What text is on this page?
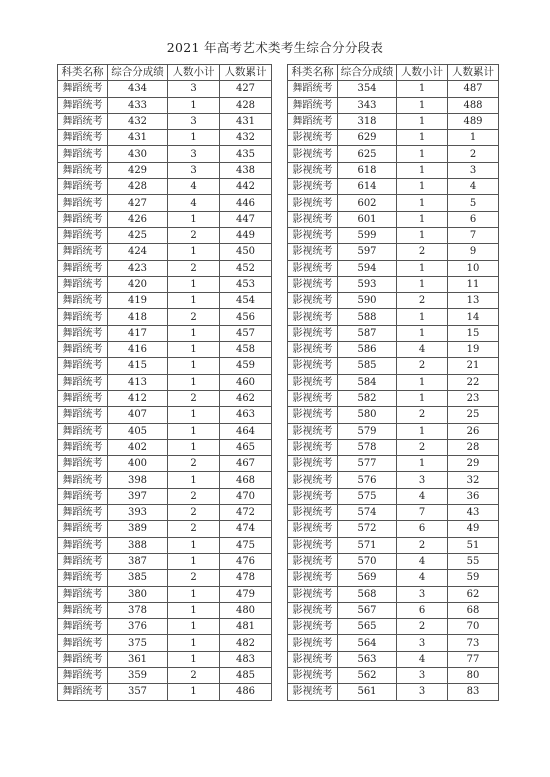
2021 年高考艺术类考生综合分分段表
科类名称	综合分成绩	人数小计	人数累计
舞蹈统考	434	3	427
舞蹈统考	433	1	428
舞蹈统考	432	3	431
舞蹈统考	431	1	432
舞蹈统考	430	3	435
舞蹈统考	429	3	438
舞蹈统考	428	4	442
舞蹈统考	427	4	446
舞蹈统考	426	1	447
舞蹈统考	425	2	449
舞蹈统考	424	1	450
舞蹈统考	423	2	452
舞蹈统考	420	1	453
舞蹈统考	419	1	454
舞蹈统考	418	2	456
舞蹈统考	417	1	457
舞蹈统考	416	1	458
舞蹈统考	415	1	459
舞蹈统考	413	1	460
舞蹈统考	412	2	462
舞蹈统考	407	1	463
舞蹈统考	405	1	464
舞蹈统考	402	1	465
舞蹈统考	400	2	467
舞蹈统考	398	1	468
舞蹈统考	397	2	470
舞蹈统考	393	2	472
舞蹈统考	389	2	474
舞蹈统考	388	1	475
舞蹈统考	387	1	476
舞蹈统考	385	2	478
舞蹈统考	380	1	479
舞蹈统考	378	1	480
舞蹈统考	376	1	481
舞蹈统考	375	1	482
舞蹈统考	361	1	483
舞蹈统考	359	2	485
舞蹈统考	357	1	486
科类名称	综合分成绩	人数小计	人数累计
舞蹈统考	354	1	487
舞蹈统考	343	1	488
舞蹈统考	318	1	489
影视统考	629	1	1
影视统考	625	1	2
影视统考	618	1	3
影视统考	614	1	4
影视统考	602	1	5
影视统考	601	1	6
影视统考	599	1	7
影视统考	597	2	9
影视统考	594	1	10
影视统考	593	1	11
影视统考	590	2	13
影视统考	588	1	14
影视统考	587	1	15
影视统考	586	4	19
影视统考	585	2	21
影视统考	584	1	22
影视统考	582	1	23
影视统考	580	2	25
影视统考	579	1	26
影视统考	578	2	28
影视统考	577	1	29
影视统考	576	3	32
影视统考	575	4	36
影视统考	574	7	43
影视统考	572	6	49
影视统考	571	2	51
影视统考	570	4	55
影视统考	569	4	59
影视统考	568	3	62
影视统考	567	6	68
影视统考	565	2	70
影视统考	564	3	73
影视统考	563	4	77
影视统考	562	3	80
影视统考	561	3	83
